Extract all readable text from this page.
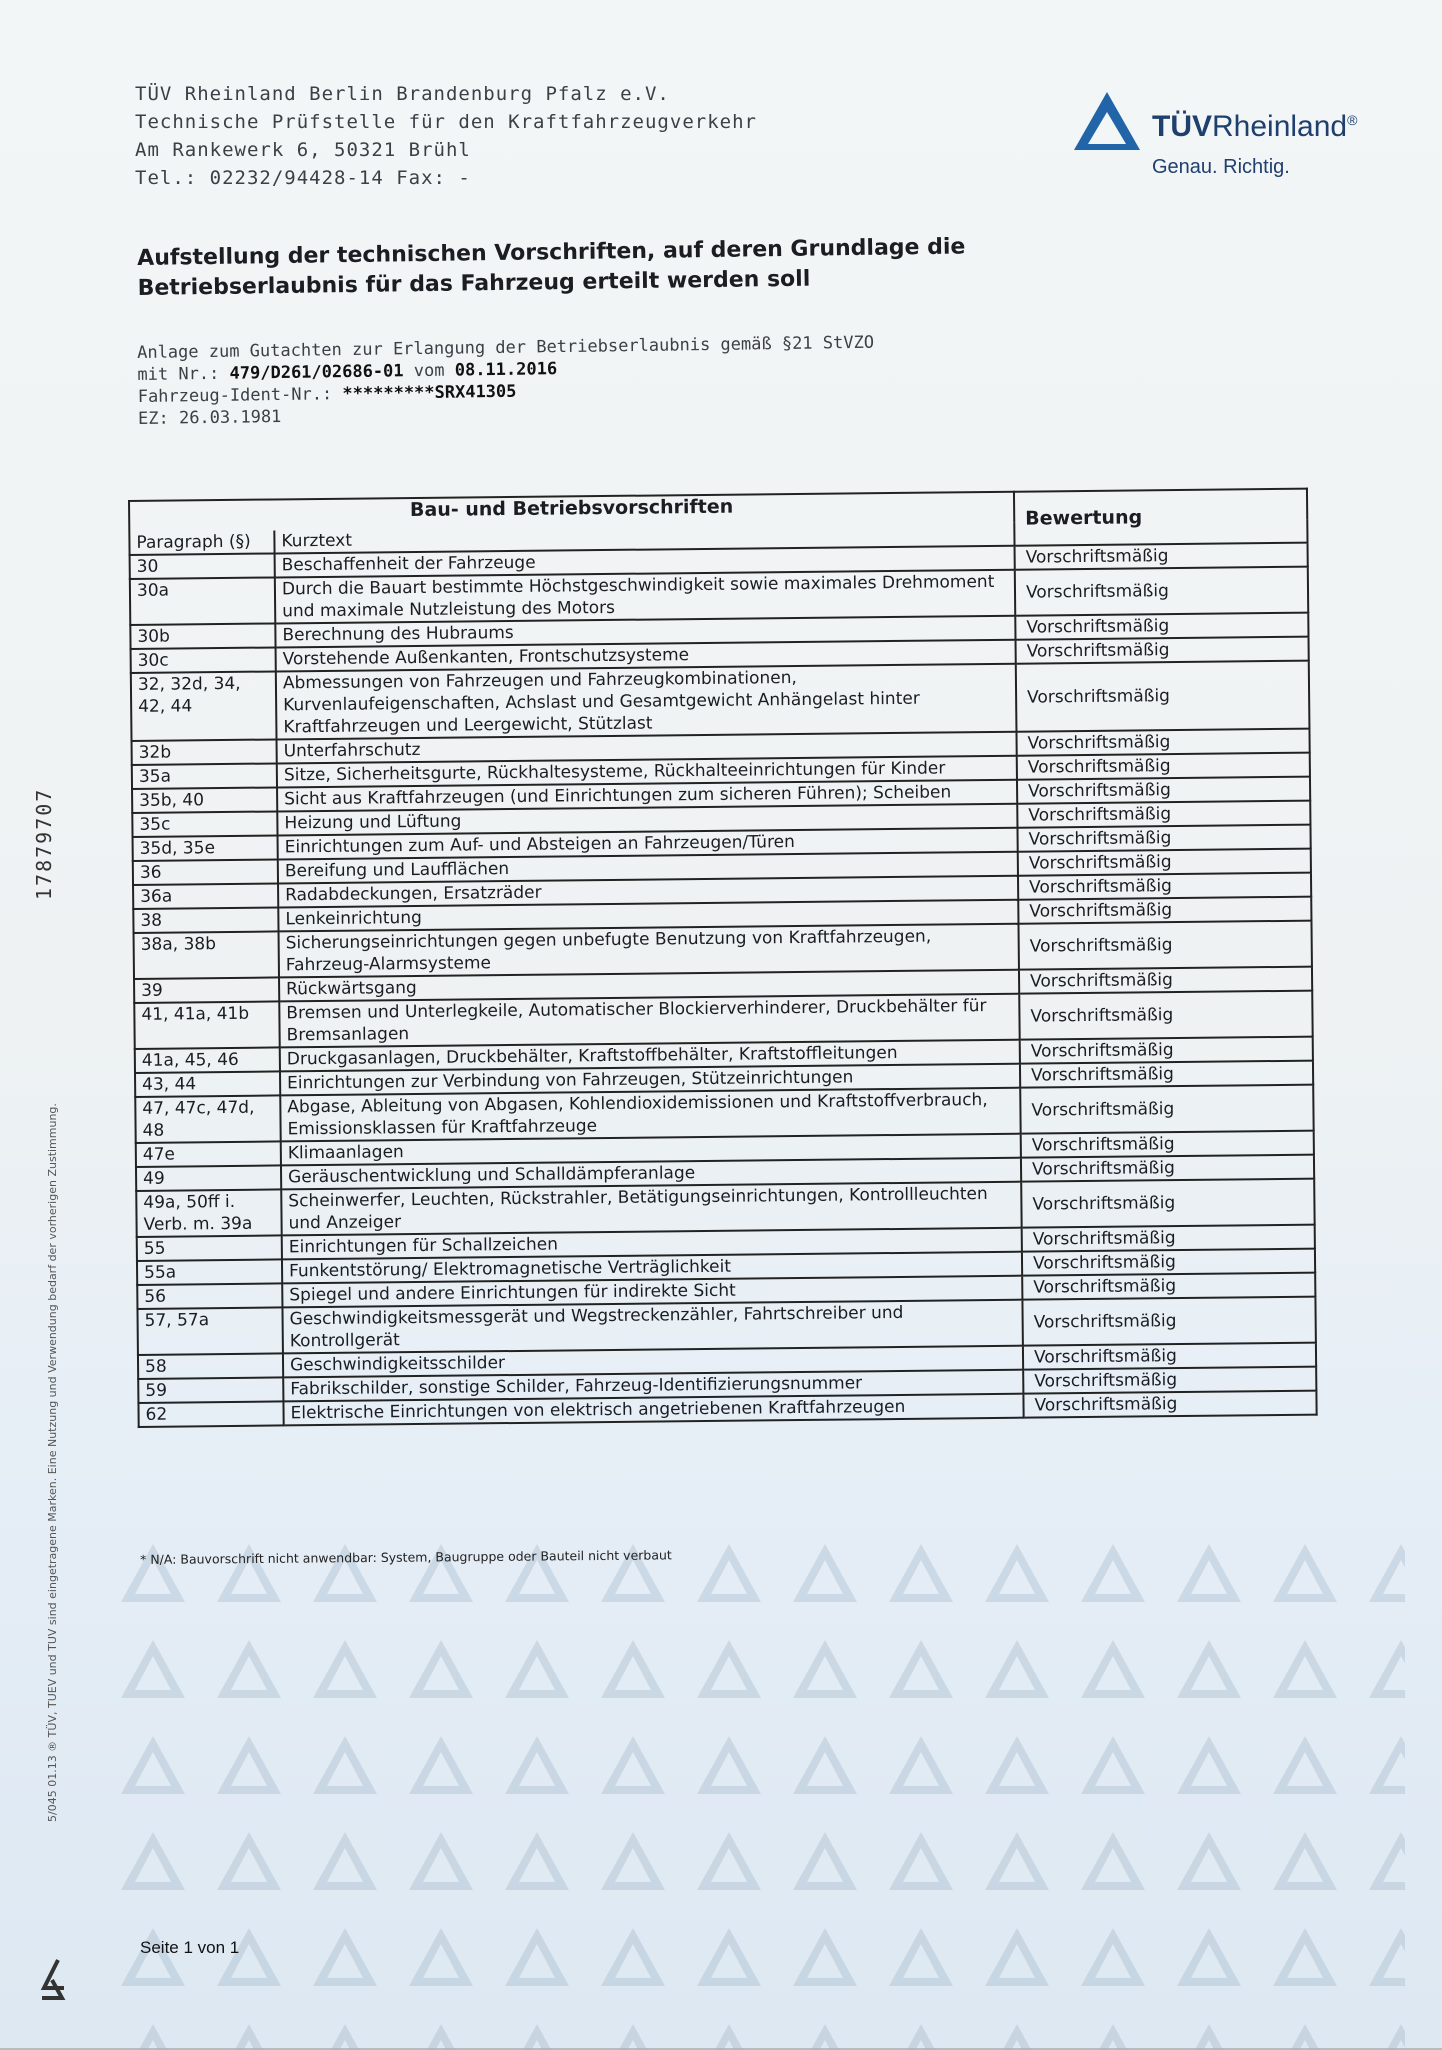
TÜV Rheinland Berlin Brandenburg Pfalz e.V.
Technische Prüfstelle für den Kraftfahrzeugverkehr
Am Rankewerk 6, 50321 Brühl
Tel.: 02232/94428-14 Fax: -
TÜVRheinland®
Genau. Richtig.
Aufstellung der technischen Vorschriften, auf deren Grundlage die
Betriebserlaubnis für das Fahrzeug erteilt werden soll
Anlage zum Gutachten zur Erlangung der Betriebserlaubnis gemäß §21 StVZO
mit Nr.: 479/D261/02686-01 vom 08.11.2016
Fahrzeug-Ident-Nr.: *********SRX41305
EZ: 26.03.1981
Bau- und Betriebsvorschriften		Bewertung
Paragraph (§)	Kurztext	
30	Beschaffenheit der Fahrzeuge	Vorschriftsmäßig
30a	Durch die Bauart bestimmte Höchstgeschwindigkeit sowie maximales Drehmoment und maximale Nutzleistung des Motors	Vorschriftsmäßig
30b	Berechnung des Hubraums	Vorschriftsmäßig
30c	Vorstehende Außenkanten, Frontschutzsysteme	Vorschriftsmäßig
32, 32d, 34, 42, 44	Abmessungen von Fahrzeugen und Fahrzeugkombinationen, Kurvenlaufeigenschaften, Achslast und Gesamtgewicht Anhängelast hinter Kraftfahrzeugen und Leergewicht, Stützlast	Vorschriftsmäßig
32b	Unterfahrschutz	Vorschriftsmäßig
35a	Sitze, Sicherheitsgurte, Rückhaltesysteme, Rückhalteeinrichtungen für Kinder	Vorschriftsmäßig
35b, 40	Sicht aus Kraftfahrzeugen (und Einrichtungen zum sicheren Führen); Scheiben	Vorschriftsmäßig
35c	Heizung und Lüftung	Vorschriftsmäßig
35d, 35e	Einrichtungen zum Auf- und Absteigen an Fahrzeugen/Türen	Vorschriftsmäßig
36	Bereifung und Laufflächen	Vorschriftsmäßig
36a	Radabdeckungen, Ersatzräder	Vorschriftsmäßig
38	Lenkeinrichtung	Vorschriftsmäßig
38a, 38b	Sicherungseinrichtungen gegen unbefugte Benutzung von Kraftfahrzeugen, Fahrzeug-Alarmsysteme	Vorschriftsmäßig
39	Rückwärtsgang	Vorschriftsmäßig
41, 41a, 41b	Bremsen und Unterlegkeile, Automatischer Blockierverhinderer, Druckbehälter für Bremsanlagen	Vorschriftsmäßig
41a, 45, 46	Druckgasanlagen, Druckbehälter, Kraftstoffbehälter, Kraftstoffleitungen	Vorschriftsmäßig
43, 44	Einrichtungen zur Verbindung von Fahrzeugen, Stützeinrichtungen	Vorschriftsmäßig
47, 47c, 47d, 48	Abgase, Ableitung von Abgasen, Kohlendioxidemissionen und Kraftstoffverbrauch, Emissionsklassen für Kraftfahrzeuge	Vorschriftsmäßig
47e	Klimaanlagen	Vorschriftsmäßig
49	Geräuschentwicklung und Schalldämpferanlage	Vorschriftsmäßig
49a, 50ff i. Verb. m. 39a	Scheinwerfer, Leuchten, Rückstrahler, Betätigungseinrichtungen, Kontrollleuchten und Anzeiger	Vorschriftsmäßig
55	Einrichtungen für Schallzeichen	Vorschriftsmäßig
55a	Funkentstörung/ Elektromagnetische Verträglichkeit	Vorschriftsmäßig
56	Spiegel und andere Einrichtungen für indirekte Sicht	Vorschriftsmäßig
57, 57a	Geschwindigkeitsmessgerät und Wegstreckenzähler, Fahrtschreiber und Kontrollgerät	Vorschriftsmäßig
58	Geschwindigkeitsschilder	Vorschriftsmäßig
59	Fabrikschilder, sonstige Schilder, Fahrzeug-Identifizierungsnummer	Vorschriftsmäßig
62	Elektrische Einrichtungen von elektrisch angetriebenen Kraftfahrzeugen	Vorschriftsmäßig
* N/A: Bauvorschrift nicht anwendbar: System, Baugruppe oder Bauteil nicht verbaut
Seite 1 von 1
17879707
5/045 01.13 ® TÜV, TUEV und TUV sind eingetragene Marken. Eine Nutzung und Verwendung bedarf der vorherigen Zustimmung.
